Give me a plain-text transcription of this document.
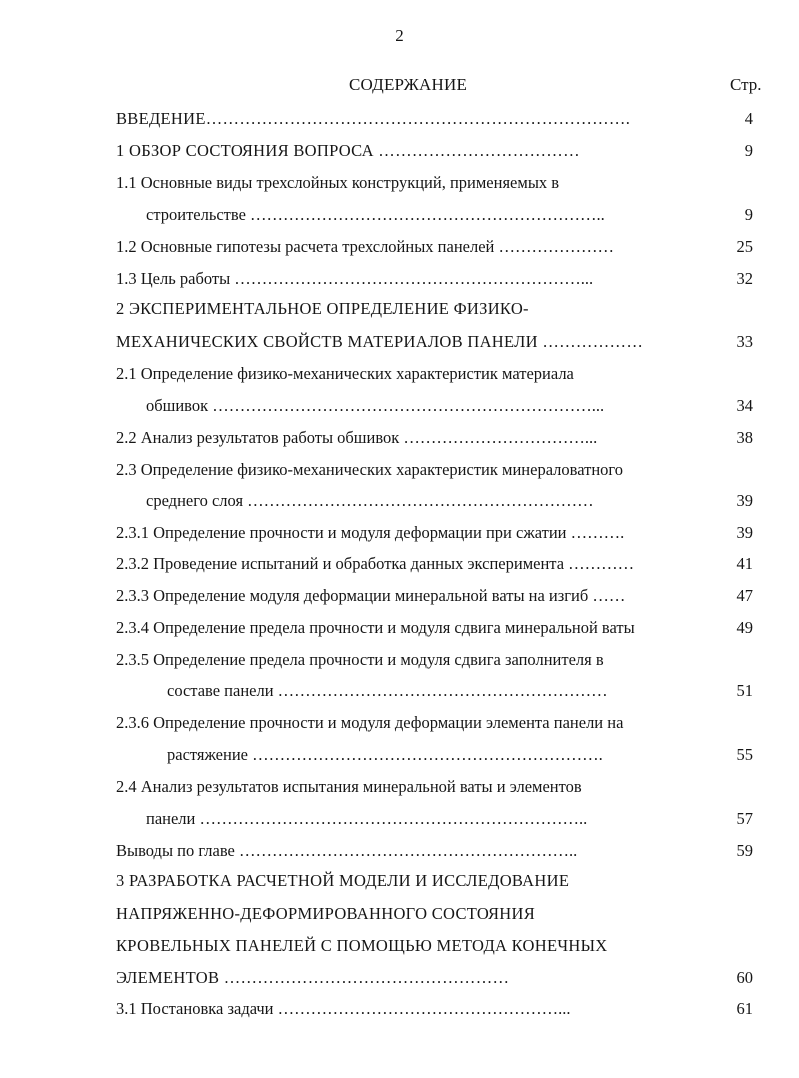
2
СОДЕРЖАНИЕ	Стр.
ВВЕДЕНИЕ………………………………………………………………….	4
1 ОБЗОР СОСТОЯНИЯ ВОПРОСА ………………………………	9
1.1 Основные виды трехслойных конструкций, применяемых в
строительстве ………………………………………………………..	9
1.2 Основные гипотезы расчета трехслойных панелей …………………	25
1.3 Цель работы ………………………………………………………...	32
2 ЭКСПЕРИМЕНТАЛЬНОЕ ОПРЕДЕЛЕНИЕ ФИЗИКО-
МЕХАНИЧЕСКИХ СВОЙСТВ МАТЕРИАЛОВ ПАНЕЛИ ………………	33
2.1 Определение физико-механических характеристик материала
обшивок ……………………………………………………………...	34
2.2 Анализ результатов работы обшивок ……………………………...	38
2.3 Определение физико-механических характеристик минераловатного
среднего слоя ………………………………………………………	39
2.3.1 Определение прочности и модуля деформации при сжатии ……….	39
2.3.2 Проведение испытаний и обработка данных эксперимента …………	41
2.3.3 Определение модуля деформации минеральной ваты на изгиб ……	47
2.3.4 Определение предела прочности и модуля сдвига минеральной ваты	49
2.3.5 Определение предела прочности и модуля сдвига заполнителя в
составе панели ……………………………………………………	51
2.3.6 Определение прочности и модуля деформации элемента панели на
растяжение ……………………………………………………….	55
2.4 Анализ результатов испытания минеральной ваты и элементов
панели ……………………………………………………………..	57
Выводы по главе ……………………………………………………..	59
3 РАЗРАБОТКА РАСЧЕТНОЙ МОДЕЛИ И ИССЛЕДОВАНИЕ
НАПРЯЖЕННО-ДЕФОРМИРОВАННОГО СОСТОЯНИЯ
КРОВЕЛЬНЫХ ПАНЕЛЕЙ С ПОМОЩЬЮ МЕТОДА КОНЕЧНЫХ
ЭЛЕМЕНТОВ ……………………………………………	60
3.1 Постановка задачи ……………………………………………...	61
